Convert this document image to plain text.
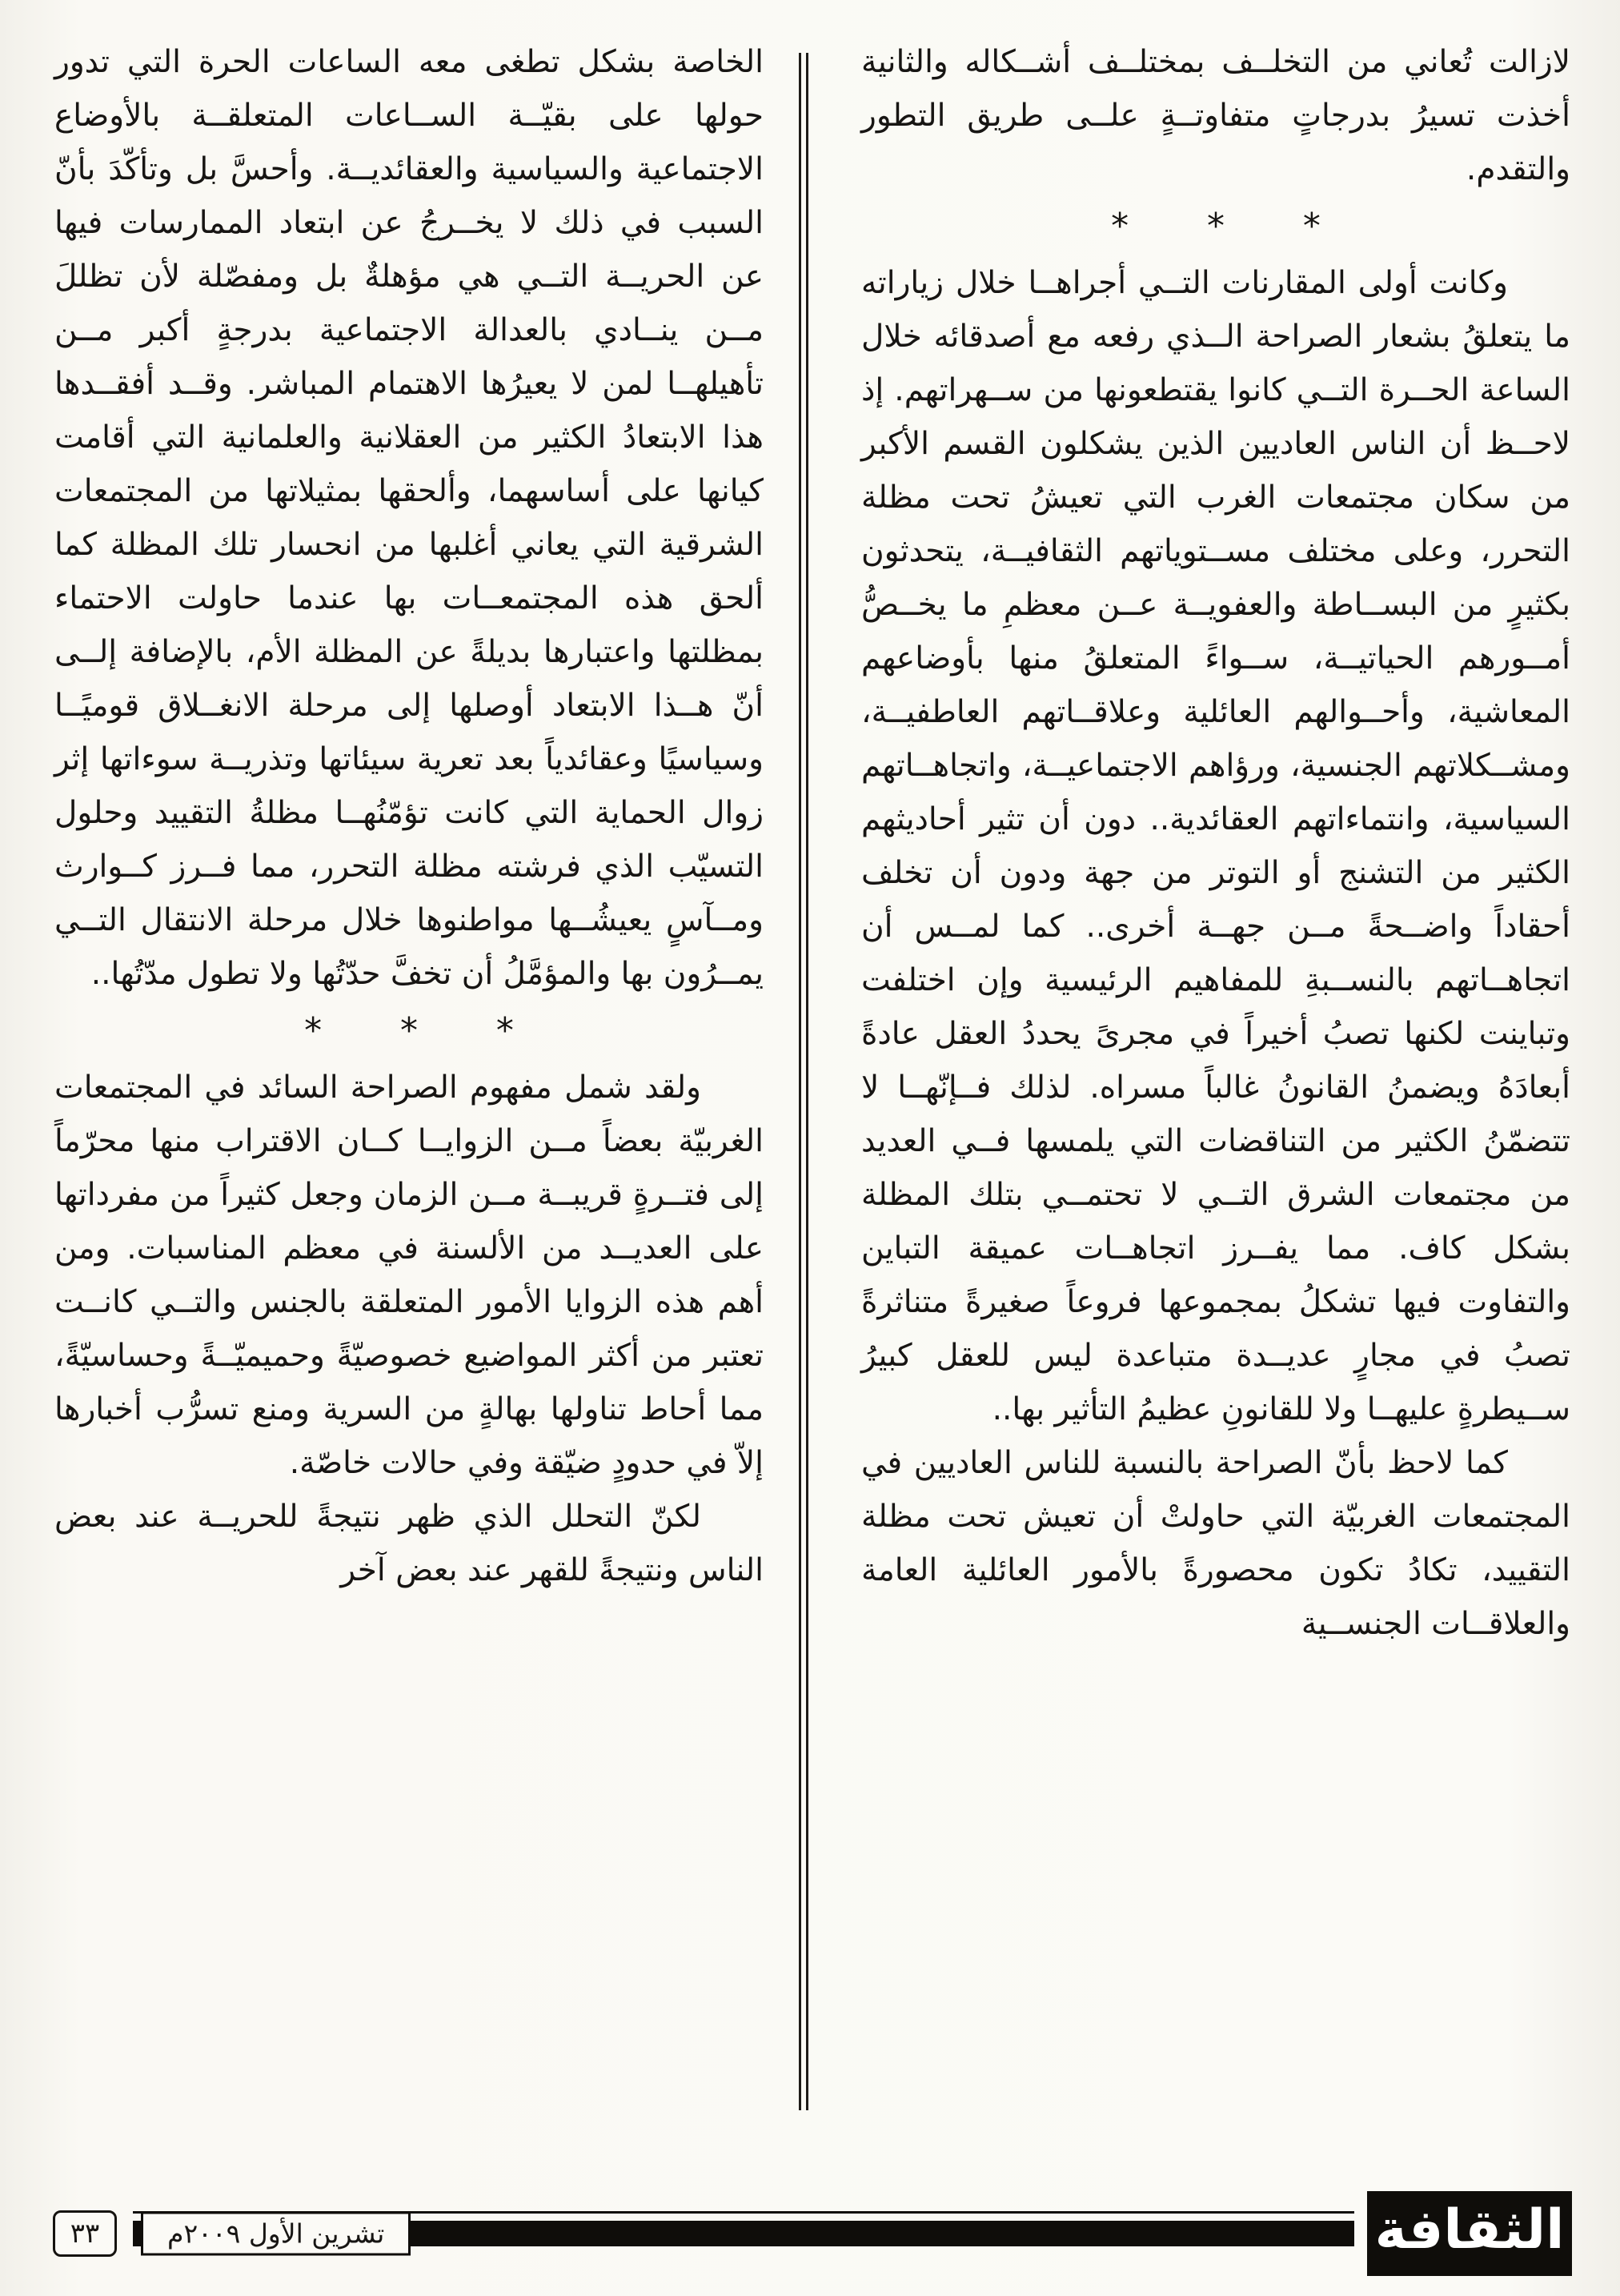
لازالت تُعاني من التخلــف بمختلــف أشــكاله والثانية أخذت تسيرُ بدرجاتٍ متفاوتــةٍ علــى طريق التطور والتقدم.

*       *       *

وكانت أولى المقارنات التــي أجراهــا خلال زياراته ما يتعلقُ بشعار الصراحة الــذي رفعه مع أصدقائه خلال الساعة الحــرة التــي كانوا يقتطعونها من ســهراتهم. إذ لاحــظ أن الناس العاديين الذين يشكلون القسم الأكبر من سكان مجتمعات الغرب التي تعيشُ تحت مظلة التحرر، وعلى مختلف مســتوياتهم الثقافيــة، يتحدثون بكثيرٍ من البســاطة والعفويــة عــن معظمِ ما يخــصُّ أمــورهم الحياتيــة، ســواءً المتعلقُ منها بأوضاعهم المعاشية، وأحــوالهم العائلية وعلاقــاتهم العاطفيــة، ومشــكلاتهم الجنسية، ورؤاهم الاجتماعيــة، واتجاهــاتهم السياسية، وانتماءاتهم العقائدية.. دون أن تثير أحاديثهم الكثير من التشنج أو التوتر من جهة ودون أن تخلف أحقاداً واضــحةً مــن جهــة أخرى.. كما لمــس أن اتجاهــاتهم بالنســبةِ للمفاهيم الرئيسية وإن اختلفت وتباينت لكنها تصبُ أخيراً في مجرىً يحددُ العقل عادةً أبعادَهُ ويضمنُ القانونُ غالباً مسراه. لذلك فــإنّهــا لا تتضمّنُ الكثير من التناقضات التي يلمسها فــي العديد من مجتمعات الشرق التــي لا تحتمــي بتلك المظلة بشكل كاف. مما يفــرز اتجاهــات عميقة التباين والتفاوت فيها تشكلُ بمجموعها فروعاً صغيرةً متناثرةً تصبُ في مجارٍ عديــدة متباعدة ليس للعقل كبيرُ ســيطرةٍ عليهــا ولا للقانونِ عظيمُ التأثير بها..

كما لاحظ بأنّ الصراحة بالنسبة للناس العاديين في المجتمعات الغربيّة التي حاولتْ أن تعيش تحت مظلة التقييد، تكادُ تكون محصورةً بالأمور العائلية العامة والعلاقــات الجنســية

الخاصة بشكل تطغى معه الساعات الحرة التي تدور حولها على بقيّــة الســاعات المتعلقــة بالأوضاع الاجتماعية والسياسية والعقائديــة. وأحسَّ بل وتأكّدَ بأنّ السبب في ذلك لا يخــرجُ عن ابتعاد الممارسات فيها عن الحريــة التــي هي مؤهلةٌ بل ومفصّلة لأن تظللَ مــن ينــادي بالعدالة الاجتماعية بدرجةٍ أكبر مــن تأهيلهــا لمن لا يعيرُها الاهتمام المباشر. وقــد أفقــدها هذا الابتعادُ الكثير من العقلانية والعلمانية التي أقامت كيانها على أساسهما، وألحقها بمثيلاتها من المجتمعات الشرقية التي يعاني أغلبها من انحسار تلك المظلة كما ألحق هذه المجتمعــات بها عندما حاولت الاحتماء بمظلتها واعتبارها بديلةً عن المظلة الأم، بالإضافة إلــى أنّ هــذا الابتعاد أوصلها إلى مرحلة الانغــلاق قوميًــا وسياسيًا وعقائدياً بعد تعرية سيئاتها وتذريــة سوءاتها إثر زوال الحماية التي كانت تؤمّنُهــا مظلةُ التقييد وحلول التسيّب الذي فرشته مظلة التحرر، مما فــرز كــوارث ومــآسٍ يعيشُــها مواطنوها خلال مرحلة الانتقال التــي يمــرُون بها والمؤمَّلُ أن تخفَّ حدّتُها ولا تطول مدّتُها..

*       *       *

ولقد شمل مفهوم الصراحة السائد في المجتمعات الغربيّة بعضاً مــن الزوايــا كــان الاقتراب منها محرّماً إلى فتــرةٍ قريبــة مــن الزمان وجعل كثيراً من مفرداتها على العديــد من الألسنة في معظم المناسبات. ومن أهم هذه الزوايا الأمور المتعلقة بالجنس والتــي كانــت تعتبر من أكثر المواضيع خصوصيّةً وحميميّــةً وحساسيّةً، مما أحاط تناولها بهالةٍ من السرية ومنع تسرُّب أخبارها إلاّ في حدودٍ ضيّقة وفي حالات خاصّة.

لكنّ التحلل الذي ظهر نتيجةً للحريــة عند بعض الناس ونتيجةً للقهر عند بعض آخر

٣٣	تشرين الأول ٢٠٠٩م	الثقافة
